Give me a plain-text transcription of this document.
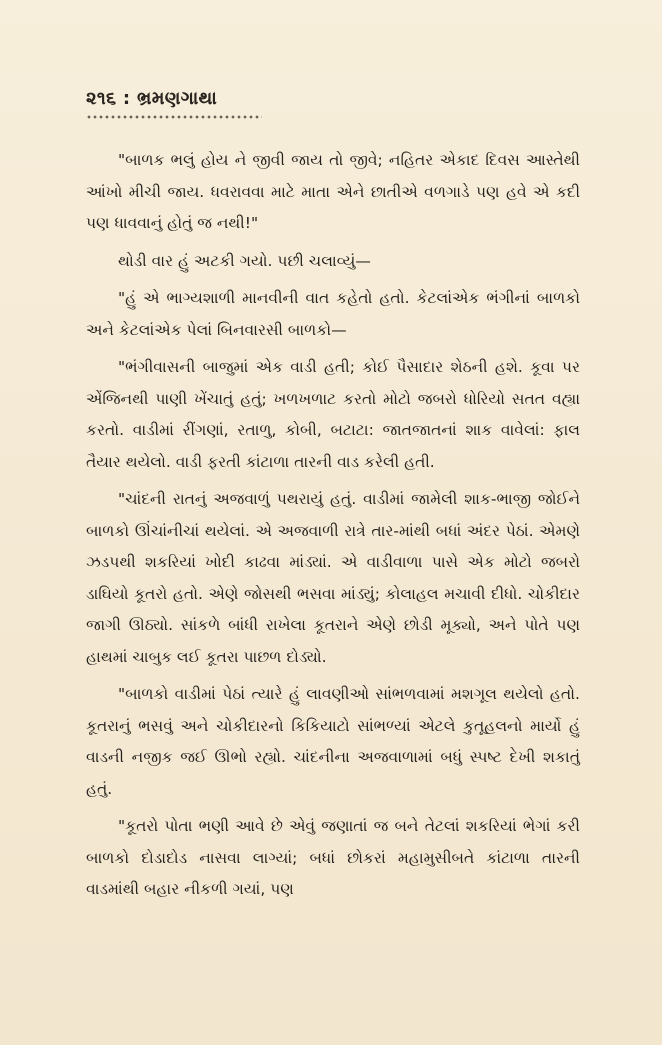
૨૧૬ : ભ્રમણગાથા

"બાળક ભલું હોય ને જીવી જાય તો જીવે; નહિતર એકાદ દિવસ આસ્તેથી આંખો મીચી જાય. ધવરાવવા માટે માતા એને છાતીએ વળગાડે પણ હવે એ કદી પણ ધાવવાનું હોતું જ નથી!"

થોડી વાર હું અટકી ગયો. પછી ચલાવ્યું—

"હું એ ભાગ્યશાળી માનવીની વાત કહેતો હતો. કેટલાંએક ભંગીનાં બાળકો અને કેટલાંએક પેલાં બિનવારસી બાળકો—

"ભંગીવાસની બાજુમાં એક વાડી હતી; કોઈ પૈસાદાર શેઠની હશે. કૂવા પર એંજિનથી પાણી ખેંચાતું હતું; ખળખળાટ કરતો મોટો જબરો ધોરિયો સતત વહ્યા કરતો. વાડીમાં રીંગણાં, રતાળુ, કોબી, બટાટા: જાતજાતનાં શાક વાવેલાં: ફાલ તૈયાર થયેલો. વાડી ફરતી કાંટાળા તારની વાડ કરેલી હતી.

"ચાંદની રાતનું અજવાળું પથરાયું હતું. વાડીમાં જામેલી શાક-ભાજી જોઈને બાળકો ઊંચાંનીચાં થયેલાં. એ અજવાળી રાત્રે તાર-માંથી બધાં અંદર પેઠાં. એમણે ઝડપથી શકરિયાં ખોદી કાઢવા માંડ્યાં. એ વાડીવાળા પાસે એક મોટો જબરો ડાઘિયો કૂતરો હતો. એણે જોસથી ભસવા માંડ્યું; કોલાહલ મચાવી દીધો. ચોકીદાર જાગી ઊઠ્યો. સાંકળે બાંધી રાખેલા કૂતરાને એણે છોડી મૂક્યો, અને પોતે પણ હાથમાં ચાબુક લઈ કૂતરા પાછળ દોડ્યો.

"બાળકો વાડીમાં પેઠાં ત્યારે હું લાવણીઓ સાંભળવામાં મશગૂલ થયેલો હતો. કૂતરાનું ભસવું અને ચોકીદારનો કિકિયાટો સાંભળ્યાં એટલે કુતૂહલનો માર્યો હું વાડની નજીક જઈ ઊભો રહ્યો. ચાંદનીના અજવાળામાં બધું સ્પષ્ટ દેખી શકાતું હતું.

"કૂતરો પોતા ભણી આવે છે એવું જણાતાં જ બને તેટલાં શકરિયાં ભેગાં કરી બાળકો દોડાદોડ નાસવા લાગ્યાં; બધાં છોકરાં મહામુસીબતે કાંટાળા તારની વાડમાંથી બહાર નીકળી ગયાં, પણ
